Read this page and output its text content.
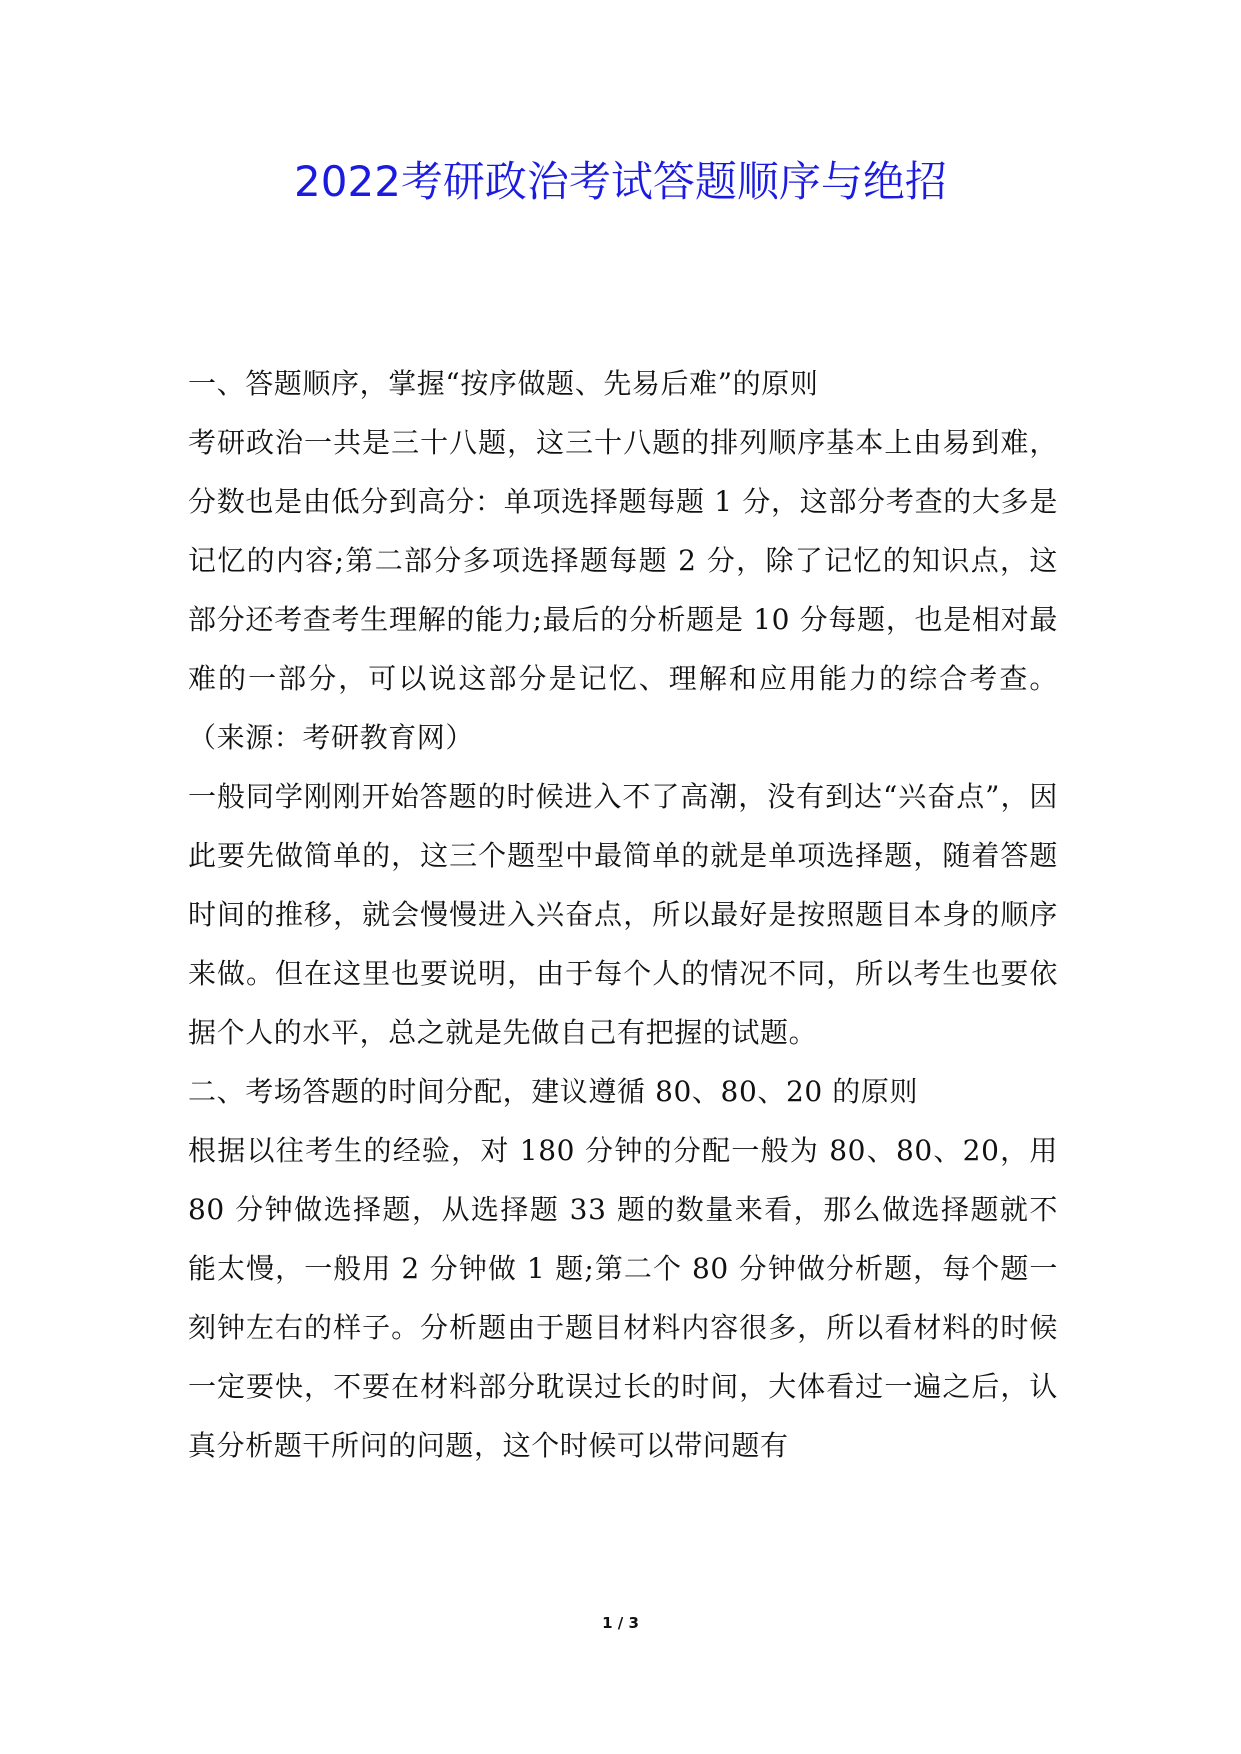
2022考研政治考试答题顺序与绝招

一、答题顺序，掌握“按序做题、先易后难”的原则

考研政治一共是三十八题，这三十八题的排列顺序基本上由易到难，分数也是由低分到高分：单项选择题每题 1 分，这部分考查的大多是记忆的内容;第二部分多项选择题每题 2 分，除了记忆的知识点，这部分还考查考生理解的能力;最后的分析题是 10 分每题，也是相对最难的一部分，可以说这部分是记忆、理解和应用能力的综合考查。（来源：考研教育网）

一般同学刚刚开始答题的时候进入不了高潮，没有到达“兴奋点”，因此要先做简单的，这三个题型中最简单的就是单项选择题，随着答题时间的推移，就会慢慢进入兴奋点，所以最好是按照题目本身的顺序来做。但在这里也要说明，由于每个人的情况不同，所以考生也要依据个人的水平，总之就是先做自己有把握的试题。

二、考场答题的时间分配，建议遵循 80、80、20 的原则

根据以往考生的经验，对 180 分钟的分配一般为 80、80、20，用 80 分钟做选择题，从选择题 33 题的数量来看，那么做选择题就不能太慢，一般用 2 分钟做 1 题;第二个 80 分钟做分析题，每个题一刻钟左右的样子。分析题由于题目材料内容很多，所以看材料的时候一定要快，不要在材料部分耽误过长的时间，大体看过一遍之后，认真分析题干所问的问题，这个时候可以带问题有

1 / 3
